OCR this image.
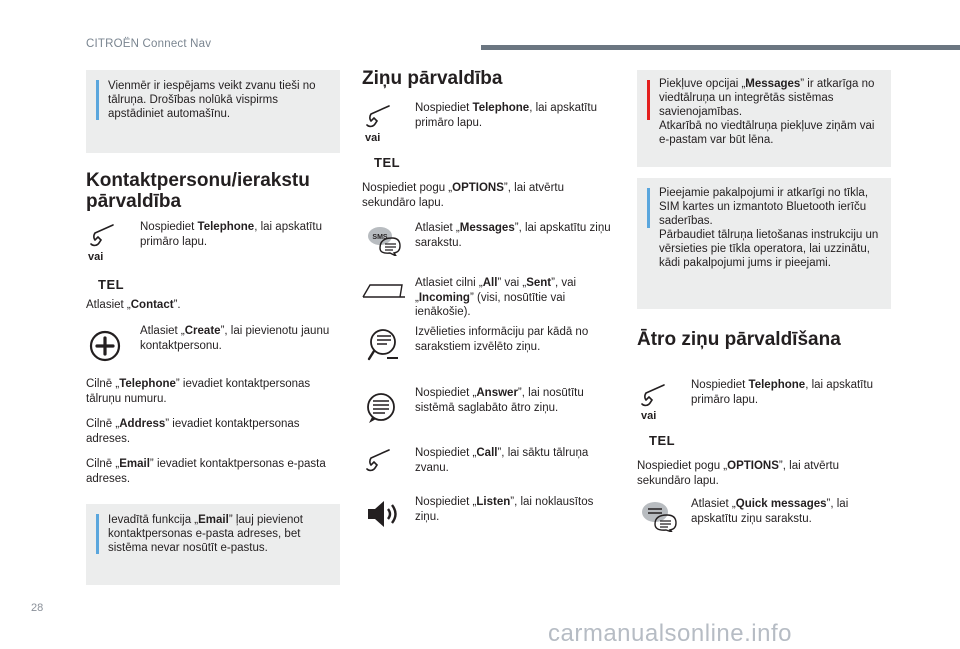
CITROËN Connect Nav
Vienmēr ir iespējams veikt zvanu tieši no tālruņa. Drošības nolūkā vispirms apstādiniet automašīnu.
Kontaktpersonu/ierakstu pārvaldība
vai
TEL
Nospiediet Telephone, lai apskatītu primāro lapu.
Atlasiet „Contact”.
Atlasiet „Create”, lai pievienotu jaunu kontaktpersonu.
Cilnē „Telephone” ievadiet kontaktpersonas tālruņu numuru.
Cilnē „Address” ievadiet kontaktpersonas adreses.
Cilnē „Email” ievadiet kontaktpersonas e-pasta adreses.
Ievadītā funkcija „Email” ļauj pievienot kontaktpersonas e-pasta adreses, bet sistēma nevar nosūtīt e-pastus.
Ziņu pārvaldība
vai
TEL
Nospiediet Telephone, lai apskatītu primāro lapu.
Nospiediet pogu „OPTIONS”, lai atvērtu sekundāro lapu.
SMS
Atlasiet „Messages”, lai apskatītu ziņu sarakstu.
Atlasiet cilni „All” vai „Sent”, vai „Incoming” (visi, nosūtītie vai ienākošie).
Izvēlieties informāciju par kādā no sarakstiem izvēlēto ziņu.
Nospiediet „Answer”, lai nosūtītu sistēmā saglabāto ātro ziņu.
Nospiediet „Call”, lai sāktu tālruņa zvanu.
Nospiediet „Listen”, lai noklausītos ziņu.
Piekļuve opcijai „Messages” ir atkarīga no viedtālruņa un integrētās sistēmas savienojamības.
Atkarībā no viedtālruņa piekļuve ziņām vai e-pastam var būt lēna.
Pieejamie pakalpojumi ir atkarīgi no tīkla, SIM kartes un izmantoto Bluetooth ierīču saderības.
Pārbaudiet tālruņa lietošanas instrukciju un vērsieties pie tīkla operatora, lai uzzinātu, kādi pakalpojumi jums ir pieejami.
Ātro ziņu pārvaldīšana
vai
TEL
Nospiediet Telephone, lai apskatītu primāro lapu.
Nospiediet pogu „OPTIONS”, lai atvērtu sekundāro lapu.
Atlasiet „Quick messages”, lai apskatītu ziņu sarakstu.
28
carmanualsonline.info
